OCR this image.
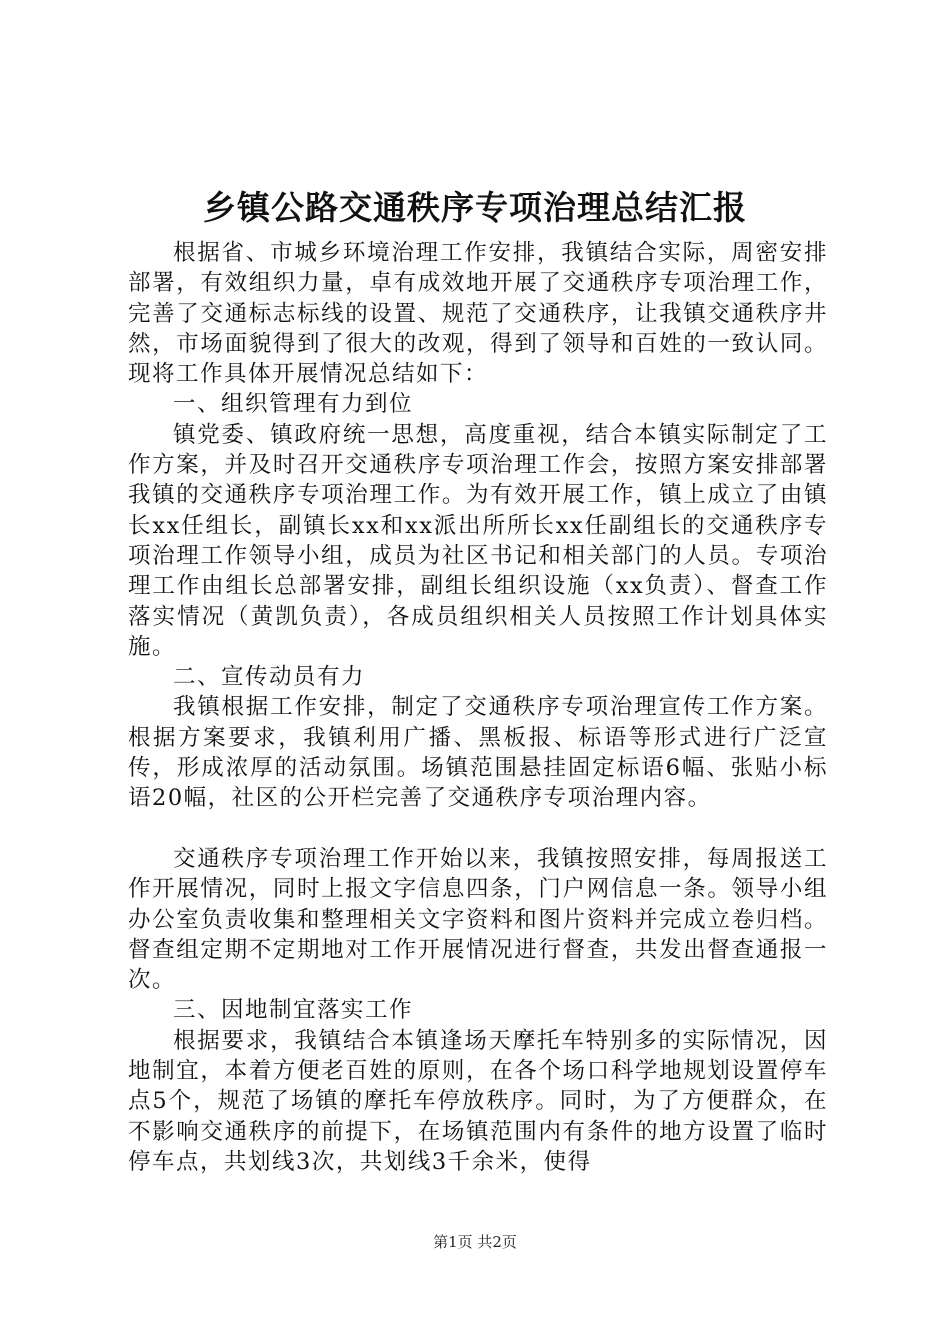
乡镇公路交通秩序专项治理总结汇报

根据省、市城乡环境治理工作安排，我镇结合实际，周密安排部署，有效组织力量，卓有成效地开展了交通秩序专项治理工作，完善了交通标志标线的设置、规范了交通秩序，让我镇交通秩序井然，市场面貌得到了很大的改观，得到了领导和百姓的一致认同。现将工作具体开展情况总结如下：

一、组织管理有力到位

镇党委、镇政府统一思想，高度重视，结合本镇实际制定了工作方案，并及时召开交通秩序专项治理工作会，按照方案安排部署我镇的交通秩序专项治理工作。为有效开展工作，镇上成立了由镇长xx任组长，副镇长xx和xx派出所所长xx任副组长的交通秩序专项治理工作领导小组，成员为社区书记和相关部门的人员。专项治理工作由组长总部署安排，副组长组织设施（xx负责）、督查工作落实情况（黄凯负责），各成员组织相关人员按照工作计划具体实施。

二、宣传动员有力

我镇根据工作安排，制定了交通秩序专项治理宣传工作方案。根据方案要求，我镇利用广播、黑板报、标语等形式进行广泛宣传，形成浓厚的活动氛围。场镇范围悬挂固定标语6幅、张贴小标语20幅，社区的公开栏完善了交通秩序专项治理内容。

交通秩序专项治理工作开始以来，我镇按照安排，每周报送工作开展情况，同时上报文字信息四条，门户网信息一条。领导小组办公室负责收集和整理相关文字资料和图片资料并完成立卷归档。督查组定期不定期地对工作开展情况进行督查，共发出督查通报一次。

三、因地制宜落实工作

根据要求，我镇结合本镇逢场天摩托车特别多的实际情况，因地制宜，本着方便老百姓的原则，在各个场口科学地规划设置停车点5个，规范了场镇的摩托车停放秩序。同时，为了方便群众，在不影响交通秩序的前提下，在场镇范围内有条件的地方设置了临时停车点，共划线3次，共划线3千余米，使得

第1页 共2页
